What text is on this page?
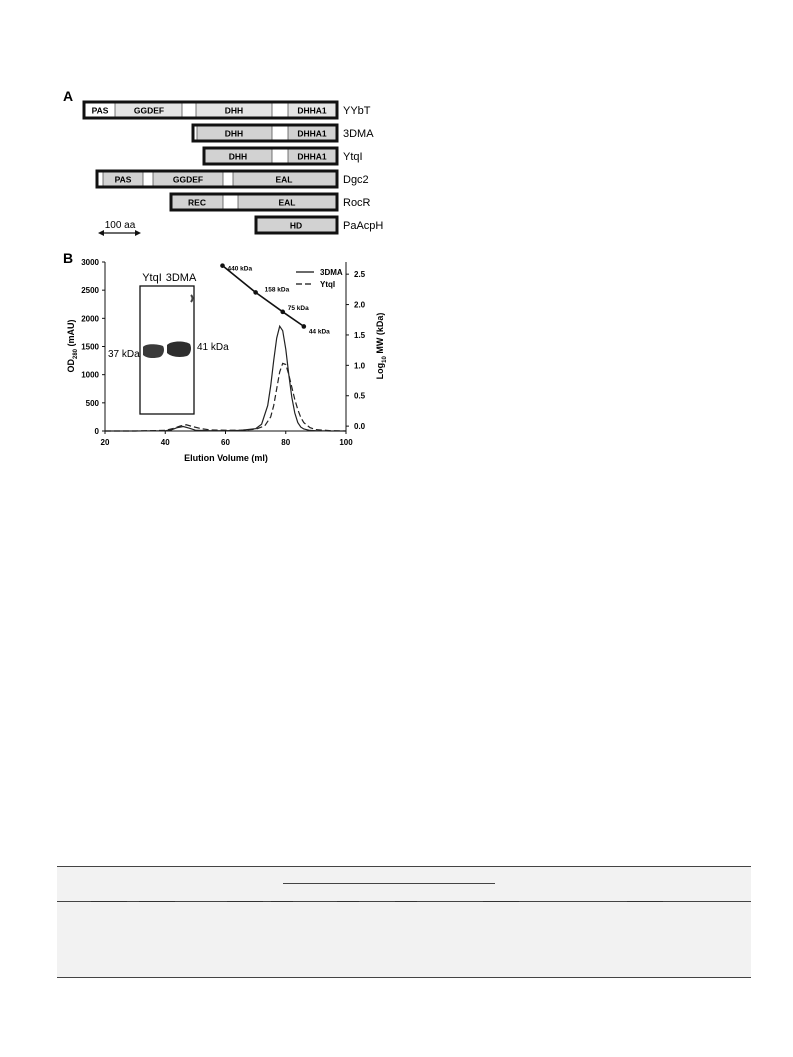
A
PAS	GGDEF	DHH	DHHA1 YYbT
DHH	DHHA1 3DMA
DHH	DHHA1 YtqI
PAS	GGDEF	EAL	Dgc2
REC	EAL	RocR
HD	PaAcpH
100 aa
B
20	40	60	80	100
0
500
1000
1500
2000
2500
3000
0.0
0.5
1.0
1.5
2.0
2.5
440 kDa
158 kDa
75 kDa
44 kDa
Elution Volume (ml)
$OD_{280}$ (mAU)
Log$_{10}$ MW (kDa)
3DMA
YtqI
YtqI 3DMA
37 kDa
41 kDa
